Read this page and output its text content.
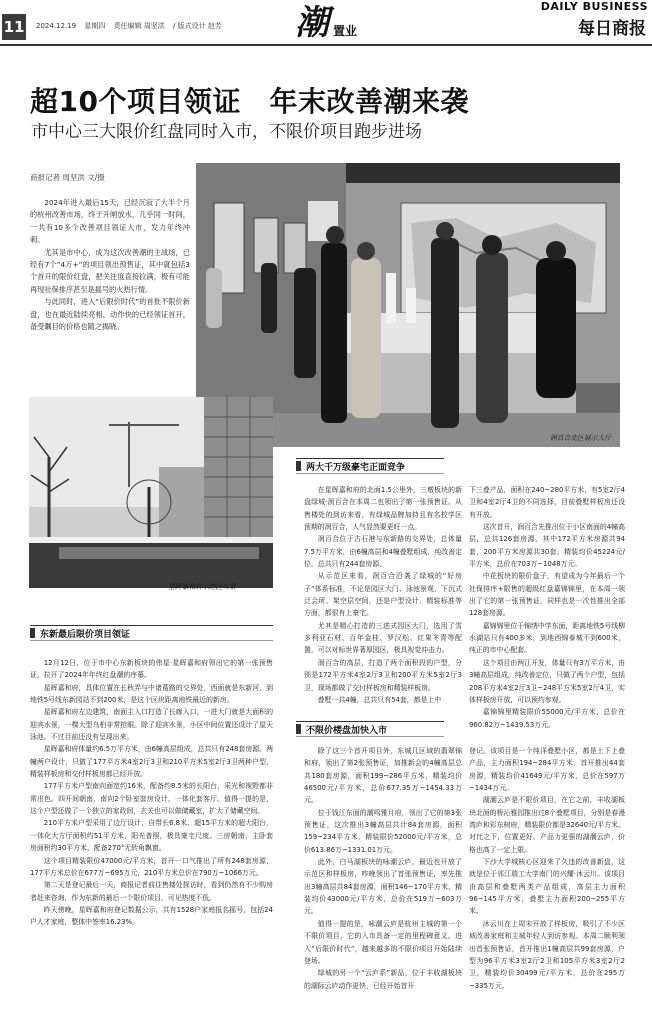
11 2024.12.19 星期四 责任编辑 周坚洪 / 版式设计 赵芳 潮 置业
DAILY BUSINESS
每日商报
超10个项目领证　年末改善潮来袭
市中心三大限价红盘同时入市，不限价项目跑步进场
商报记者 周坚洪 文/摄

2024年进入最后15天，已经沉寂了大半个月的杭州改善市场，终于开闸放水，几乎同一时间，一共有10多个改善项目领证入市，发力年终冲刺。

尤其是市中心，成为这次改善潮的主战场，已经有7个“4万+”的项目领出预售证，其中就包括3个首开的限价红盘，把关注度直接拉满，极有可能再现社保排序甚至是摇号的火热行情。

与此同时，进入“后限价时代”的首批不限价新盘，也在最近陆续亮相，动作快的已经领证首开，备受瞩目的价格也随之揭晓。

润百合北区展示大厅
星晖嘉和府示范区实景
东新最后限价项目领证

12月12日，位于市中心东新板块的伟星·星晖嘉和府领出它的第一张预售证，拉开了2024年年终红盘潮的序幕。

星晖嘉和府，具体位置在长秋弄与中诸葛路的交界处，西面就是东新河，到地铁5号线东新园站不到200米，是这个区块距离地铁最近的新房。

星晖嘉和府左边建筑，南面主入口打造了长廊入口，一进大门就是大面积的迎宾水景，一棵大型乌桕非常抢眼。除了迎宾水景，小区中间位置还设计了屋天泳池，不过目前还没有呈现出来。

星晖嘉和府体量约6.5万平方米，由6幢高层组成，总共只有248套房源。两幢两户设计，只做了177平方米4室2厅3卫和210平方米5室2厅3卫两种户型，精装样板房和交付样板房都已经开放。

177平方米户型南向面宽约16米，配备约8.5米的长阳台，采光和视野都非常出色。四开间朝南，南向2个卧室套房设计，一体化套客厅。值得一提的是，这个户型还做了一个独立的家政间，玄关也可以做储藏室，扩大了储藏空间。

210平方米户型采用了边厅设计，自带长6.8米、超15平方米的超大阳台，一体化大方厅面积约51平方米，阳光普照，极具豪宅尺度。三房朝南，主卧套房面积约30平方米，配备270°无转角飘窗。

这个项目精装限价47000元/平方米，首开一口气推出了所有248套房源，177平方米总价在677万~695万元，210平方米总价在790万~1066万元。

第二天是登记最后一天，商报记者前往售楼处探访时，看到仍然有不少购房者赶来咨询，作为东新的最后一个限价项目，可见热度不低。

昨天傍晚，星晖嘉和府登记数据公示，共有1528户家庭报名摇号，包括24户人才家庭，整体中签率16.23%。

两大千万级豪宅正面竞争

在星晖嘉和府的北面1.5公里外，三墩板块的新盘绿城·润百合在本周二也领出了第一张预售证。从售楼处的到访来看，有绿城品牌加持且有名校学区预期的润百合，人气显然要更旺一点。

润百合位于古石港与东新路的交界处，总体量7.5万平方米，由6幢高层和4幢叠墅组成，纯改善定位，总共只有244套房源。

从示范区来看，润百合沿袭了绿城的“好房子”体系标准，不论是园区大门、泳池景观、下沉式泛会所、架空层空间，还是户型设计、精装标准等方面，都很有上豪宅。

尤其是精心打造的三进式园区大门，选用了雪多利亚石材、百年金桂、罗汉松、红果冬青等配置，可以对标世界著厚园区，极具视觉冲击力。

润百合的高层，打造了两个面积段的户型，分别是172平方米4室2厅3卫和200平方米5室2厅3卫，现场都做了交付样板房和精装样板房。

叠墅一共4幢，总共只有54套，都是上中

下三叠产品，面积在240~280平方米，有5室2厅4卫和4室2厅4卫的不同选择，目前叠墅样板房还没有开放。

这次首开，润百合先推出位于小区南面的4幢高层，总共126套房源，其中172平方米房源共94套，200平方米房源共30套。精装均价45224元/平方米，总价在703万~1048万元。

中花板块的限价盘子，有望成为今年最后一个社保排序+限售的超级红盘嘉锦锦里，在本周一领出了它的第一张预售证，同样也是一次性推出全部128套房源。

嘉锦锦里位于锦绣中学东面，距离地铁5号线柳水湖站只有400多米，到地西锦泰城不到600米，纯正的市中心配套。

这个项目由两江开发，体量只有3万平方米，由3幢高层组成，纯改善定位，只做了两个户型，包括208平方米4室2厅3卫~248平方米5室2厅4卫，实体样板房开放，可以预约参观。

嘉锦锦里精装限价55000元/平方米，总价在960.82万~1439.53万元。

不限价楼盘加快入市

除了这三个首开项目外，东城几区域的翡翠锦和府，领出了第2张预售证，加推新会的4幢高层总共180套房源，面积199~286平方米，精装均价46500元/平方米，总价677.35万~1454.33万元。

位于钱江东面的潮鸣雅月府，领出了它的第3张预售证，这次推出3幢高层共计84套房源，面积159~234平方米，精装限价52000元/平方米，总价613.86万~1331.01万元。

此外，白马湖板块的咏潮云庐，最近也开放了示范区和样板房，咋晚领出了首张预售证，率先推出3幢高层共84套房源，面积146~170平方米，精装均价43000元/平方米，总价在519万~603万元。

值得一提的是，咏潮云庐是杭州主城的第一个不限价项目，它的入市具备一定的里程碑意义。进入“后限价时代”，越来越多的不限价项目开始陆续登场。

绿城的另一个“云庐系”新品，位于丰收湖板块的湖际云庐动作更快，已经开始首开

登记。该项目是一个纯洋叠墅小区，都是上下上叠产品，主力面积194~284平方米，首开推出44套房源，精装均价41649元/平方米，总价在597万~1434万元。

湖潮云庐是不限价项目，在它之前，丰收湖板块北面的桥沁雅园推出过8个叠墅项目，分别是春漫湾庐和彩东树府，精装限价都是32640元/平方米。对比之下，位置更好、产品力更强的湖潮云庐，价格也高了一定上限。

下沙大学城核心区迎来了久违的改善新盘，这就是位于邻江瑞工大学南门的兴耀·沐云川。该项目由高层和叠墅两类产品组成，高层主力面积96~145平方米，叠墅主力面积200~255平方米。

沐云川在上周末开放了样板房，吸引了不少区域改善家庭和主城年轻人到访参观。本周二顺利领出首张预售证，首开推出1幢高层共99套房源，户型为96平方米3室2厅2卫和105平方米3室2厅2卫，精装均价30499元/平方米，总价在295万~335万元。
